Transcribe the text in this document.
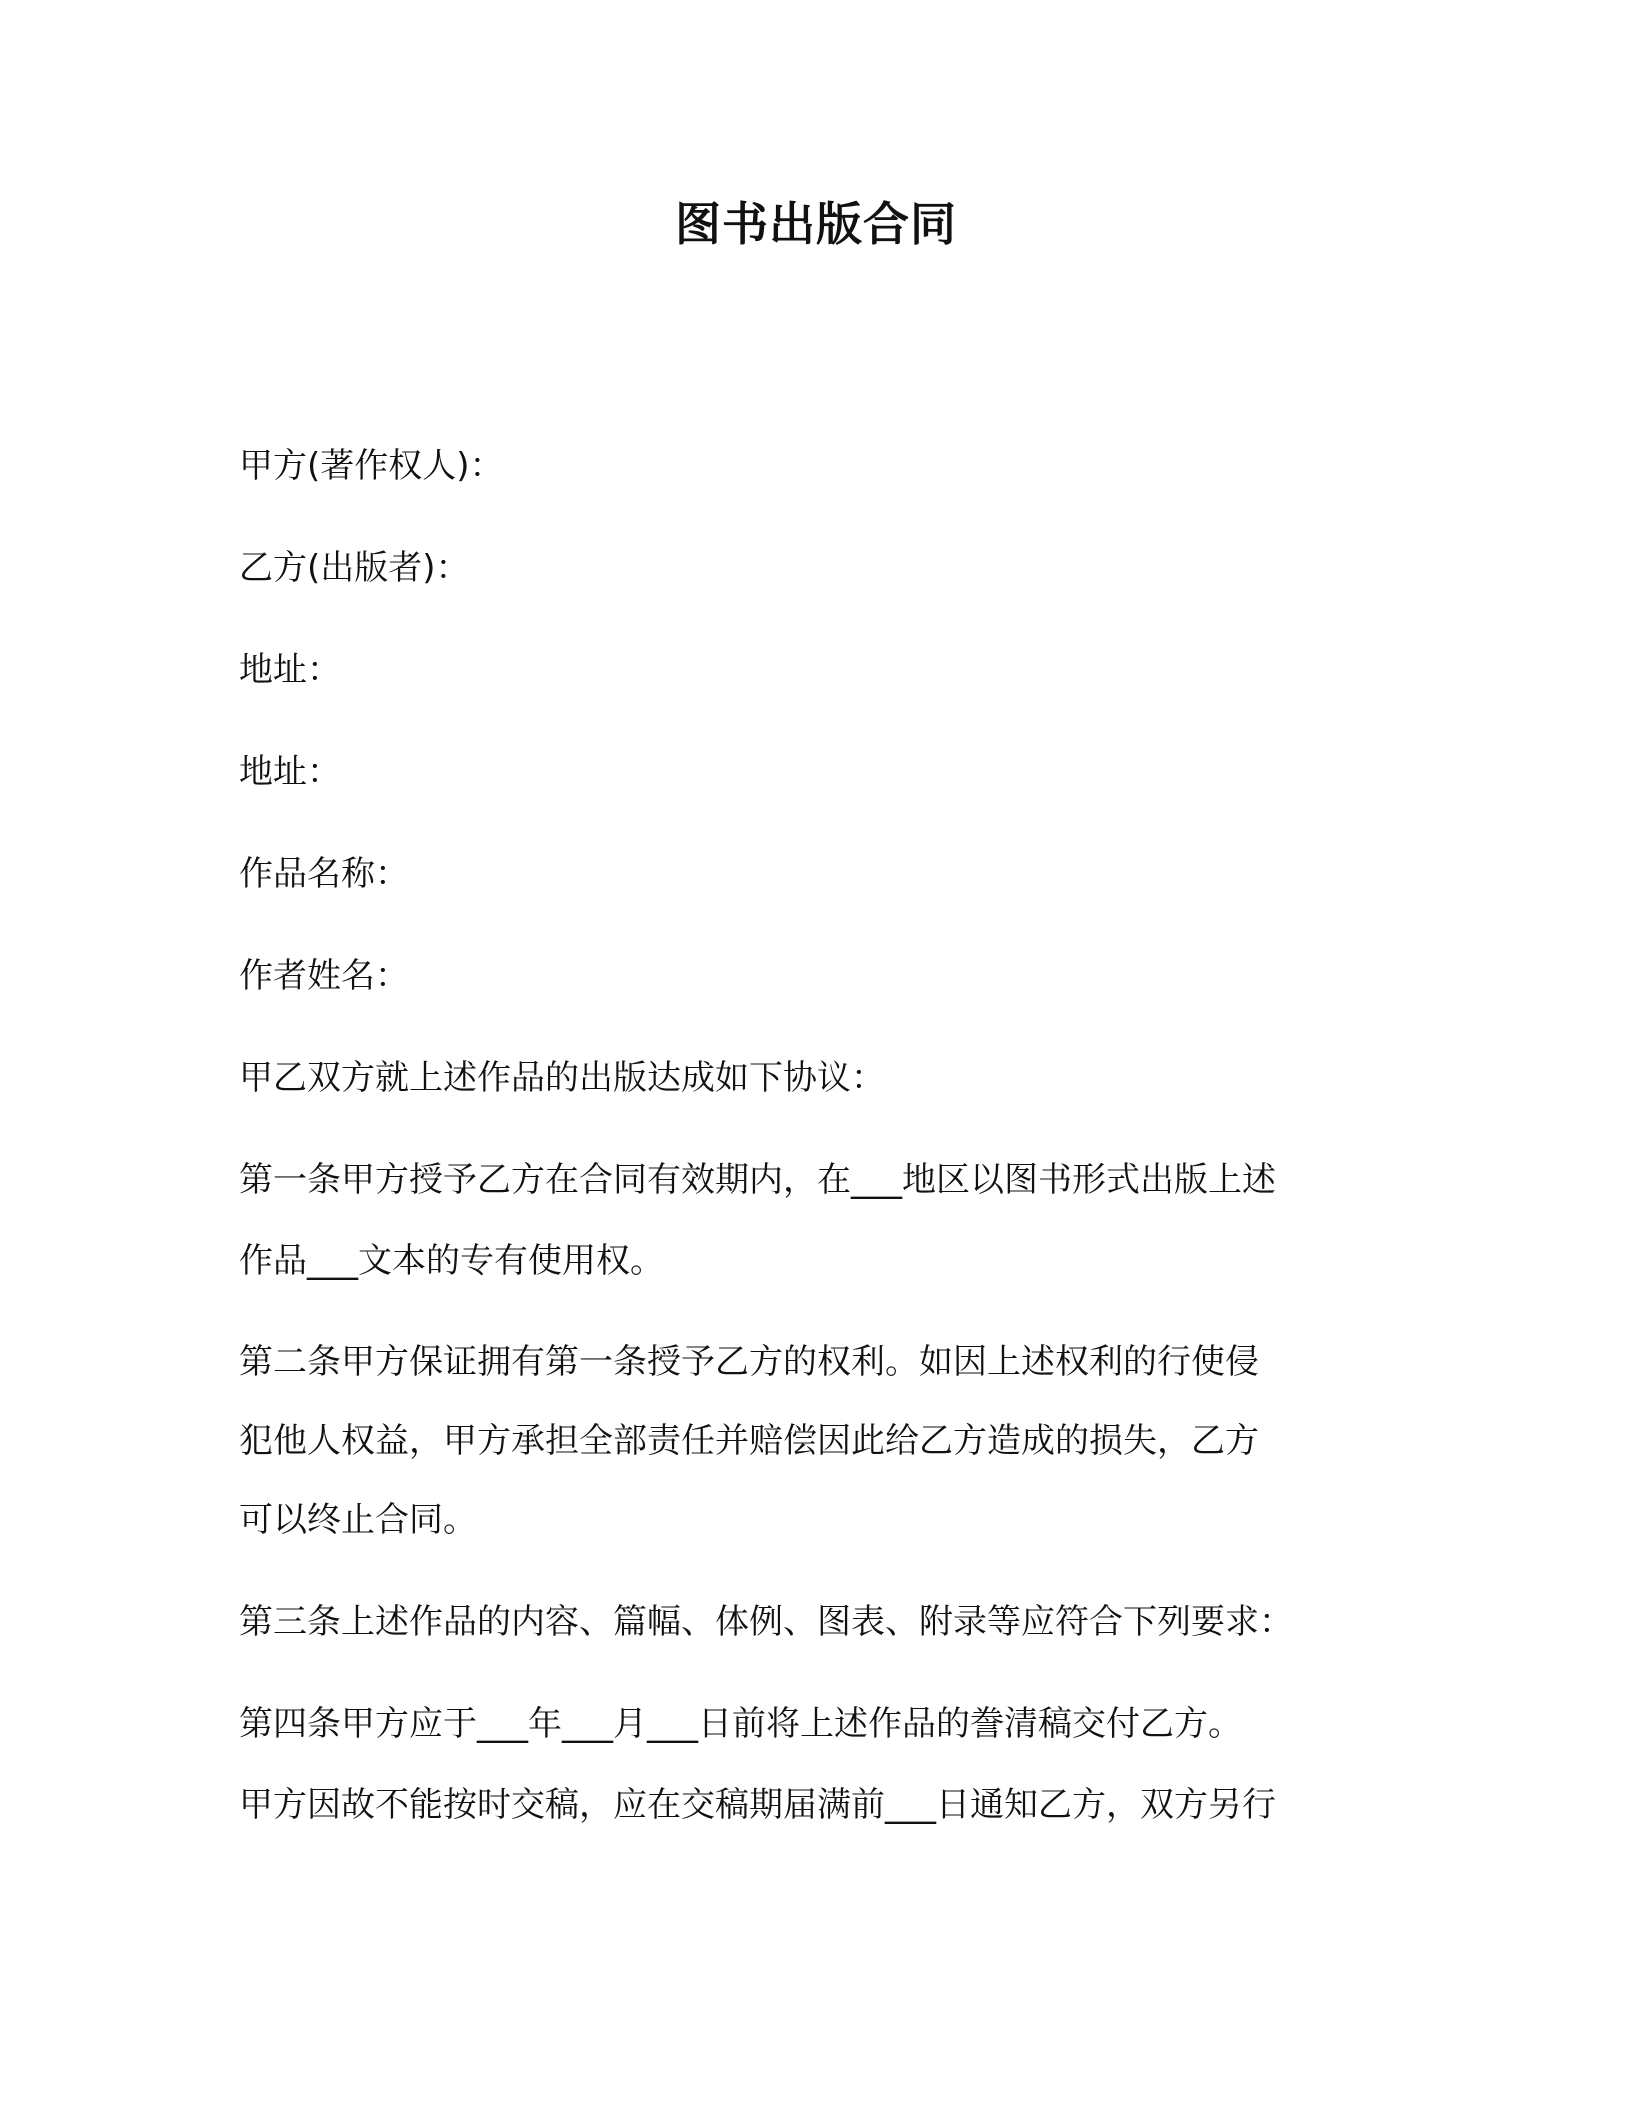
图书出版合同
甲方(著作权人)：
乙方(出版者)：
地址：
地址：
作品名称：
作者姓名：
甲乙双方就上述作品的出版达成如下协议：
第一条甲方授予乙方在合同有效期内，在___地区以图书形式出版上述
作品___文本的专有使用权。
第二条甲方保证拥有第一条授予乙方的权利。如因上述权利的行使侵
犯他人权益，甲方承担全部责任并赔偿因此给乙方造成的损失，乙方
可以终止合同。
第三条上述作品的内容、篇幅、体例、图表、附录等应符合下列要求：
第四条甲方应于___年___月___日前将上述作品的誊清稿交付乙方。
甲方因故不能按时交稿，应在交稿期届满前___日通知乙方，双方另行
